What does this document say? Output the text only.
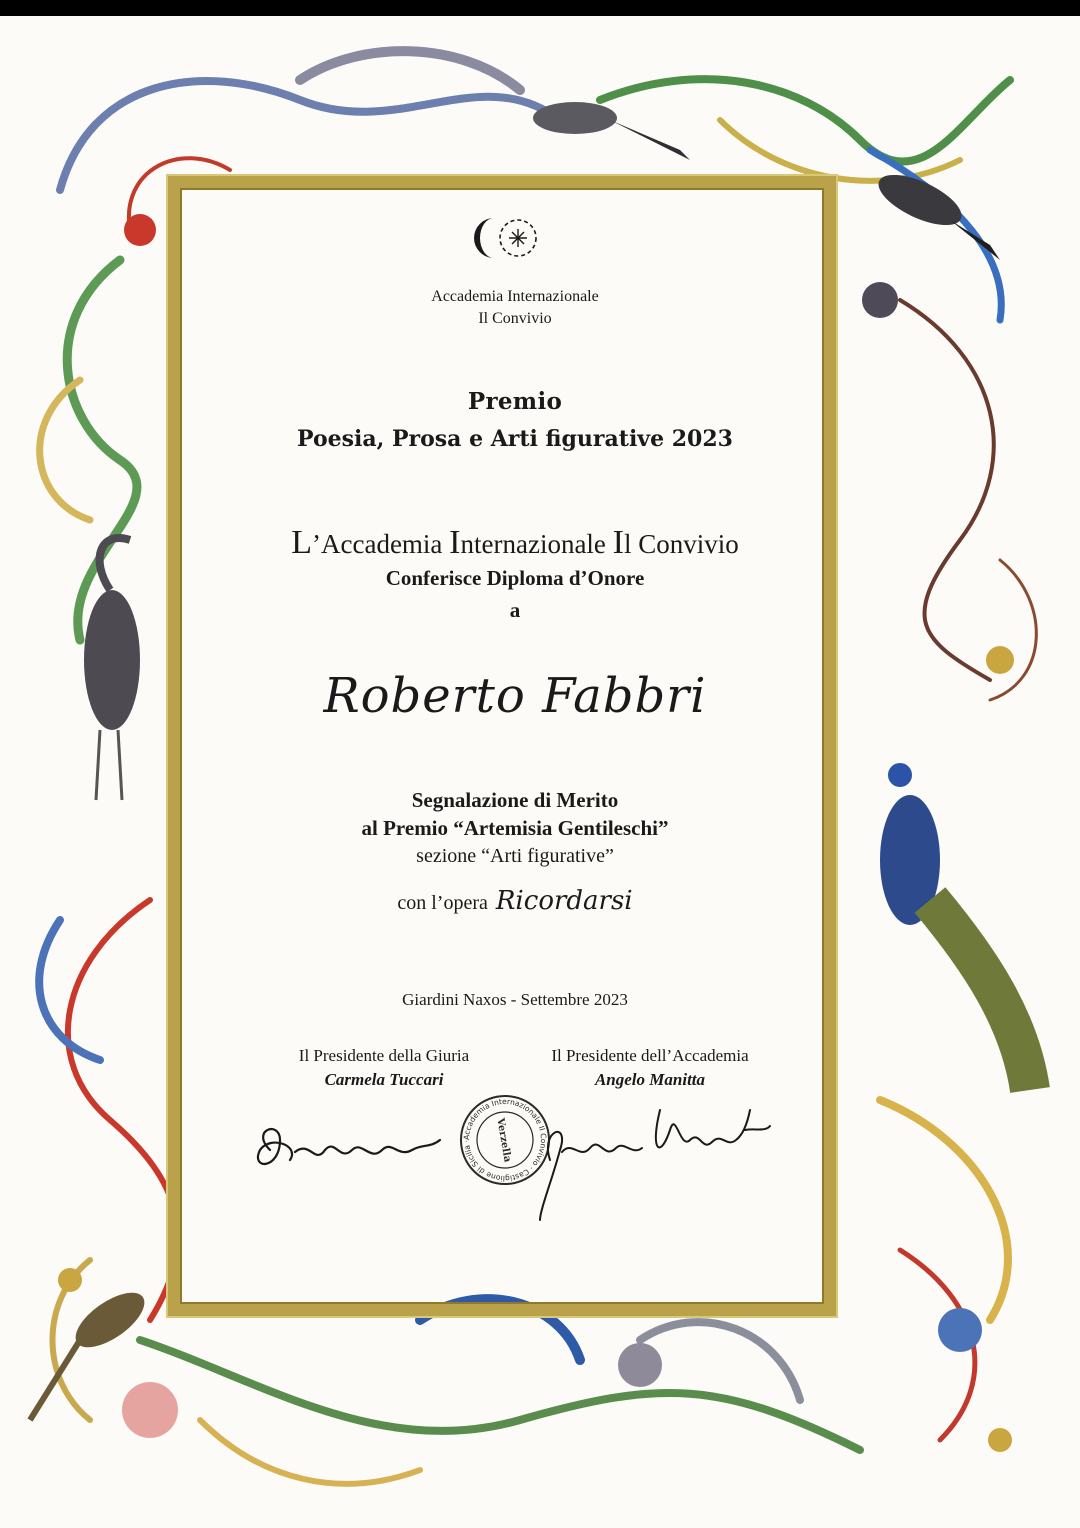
Accademia Internazionale
Il Convivio
Premio
Poesia, Prosa e Arti figurative 2023
L’Accademia Internazionale Il Convivio
Conferisce Diploma d’Onore
a
Roberto Fabbri
Segnalazione di Merito
al Premio “Artemisia Gentileschi”
sezione “Arti figurative”
con l’opera Ricordarsi
Giardini Naxos - Settembre 2023
Il Presidente della Giuria
Carmela Tuccari
Il Presidente dell’Accademia
Angelo Manitta
Accademia Internazionale Il Convivio · Castiglione di Sicilia ·	Verzella
